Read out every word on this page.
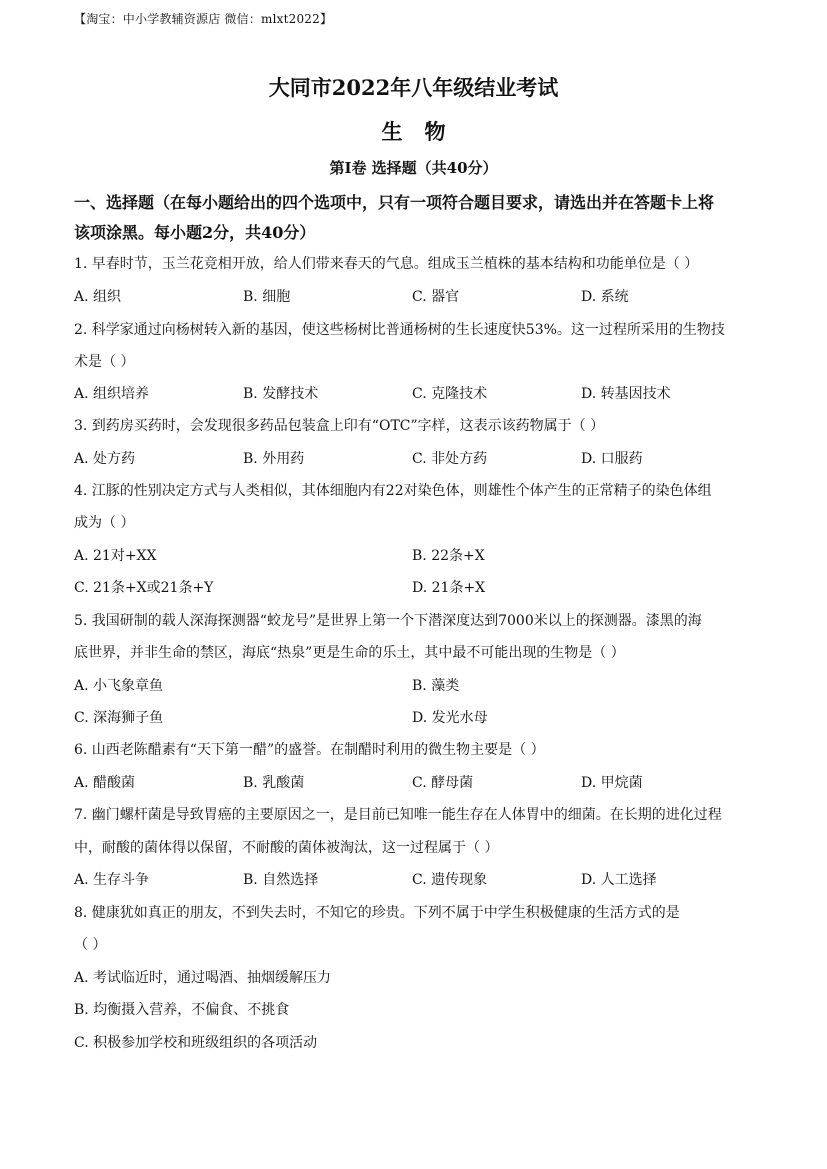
【淘宝：中小学教辅资源店 微信：mlxt2022】
大同市2022年八年级结业考试
生物
第Ⅰ卷 选择题（共40分）
一、选择题（在每小题给出的四个选项中，只有一项符合题目要求，请选出并在答题卡上将
该项涂黑。每小题2分，共40分）
1. 早春时节，玉兰花竞相开放，给人们带来春天的气息。组成玉兰植株的基本结构和功能单位是（ ）
A. 组织	B. 细胞	C. 器官	D. 系统
2. 科学家通过向杨树转入新的基因，使这些杨树比普通杨树的生长速度快53%。这一过程所采用的生物技
术是（ ）
A. 组织培养	B. 发酵技术	C. 克隆技术	D. 转基因技术
3. 到药房买药时，会发现很多药品包装盒上印有“OTC”字样，这表示该药物属于（ ）
A. 处方药	B. 外用药	C. 非处方药	D. 口服药
4. 江豚的性别决定方式与人类相似，其体细胞内有22对染色体，则雄性个体产生的正常精子的染色体组
成为（ ）
A. 21对+XX	B. 22条+X
C. 21条+X或21条+Y	D. 21条+X
5. 我国研制的载人深海探测器“蛟龙号”是世界上第一个下潜深度达到7000米以上的探测器。漆黑的海
底世界，并非生命的禁区，海底“热泉”更是生命的乐土，其中最不可能出现的生物是（ ）
A. 小飞象章鱼	B. 藻类
C. 深海狮子鱼	D. 发光水母
6. 山西老陈醋素有“天下第一醋”的盛誉。在制醋时利用的微生物主要是（ ）
A. 醋酸菌	B. 乳酸菌	C. 酵母菌	D. 甲烷菌
7. 幽门螺杆菌是导致胃癌的主要原因之一，是目前已知唯一能生存在人体胃中的细菌。在长期的进化过程
中，耐酸的菌体得以保留，不耐酸的菌体被淘汰，这一过程属于（ ）
A. 生存斗争	B. 自然选择	C. 遗传现象	D. 人工选择
8. 健康犹如真正的朋友，不到失去时，不知它的珍贵。下列不属于中学生积极健康的生活方式的是
（ ）
A. 考试临近时，通过喝酒、抽烟缓解压力
B. 均衡摄入营养，不偏食、不挑食
C. 积极参加学校和班级组织的各项活动
